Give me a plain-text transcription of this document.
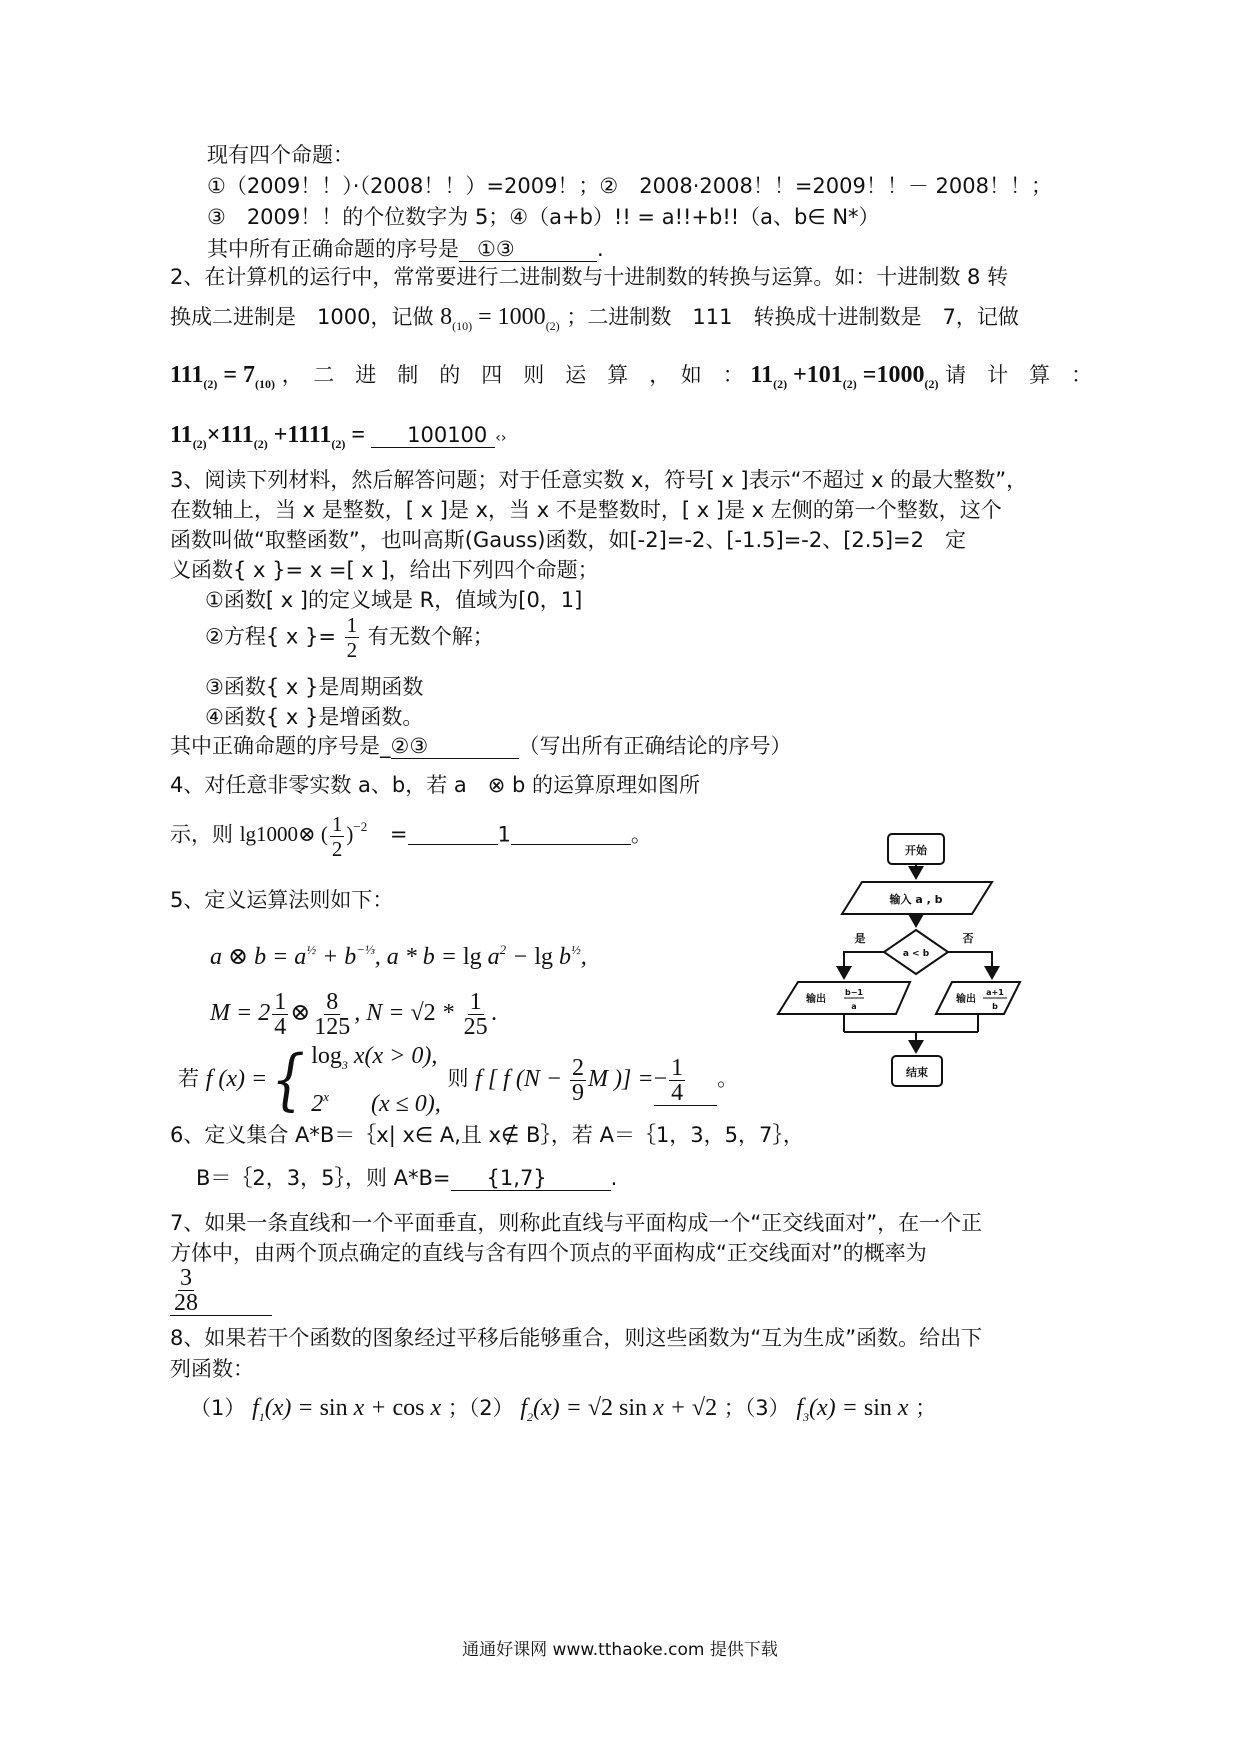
现有四个命题：
①（2009！！）·（2008！！）=2009！；②　2008·2008！！=2009！！－ 2008！！；
③　2009！！的个位数字为 5；④（a+b）!! = a!!+b!!（a、b∈ N*）
其中所有正确命题的序号是 ①③	.
2、在计算机的运行中，常常要进行二进制数与十进制数的转换与运算。如：十进制数 8 转
换成二进制是　1000，记做 $8_{(10)} = 1000_{(2)}$ ；二进制数　111　转换成十进制数是　7，记做
$111_{(2)} = 7_{(10)}$ ，　二　进　制　的　四　则　运　算　，　如　： $11_{(2)} +101_{(2)} =1000_{(2)}$ 请　计　算　：
$11_{(2)}\times 111_{(2)} +1111_{(2)} = 100100$ ‹›
3、阅读下列材料，然后解答问题；对于任意实数 x，符号[ x ]表示“不超过 x 的最大整数”，
在数轴上，当 x 是整数，[ x ]是 x，当 x 不是整数时，[ x ]是 x 左侧的第一个整数，这个
函数叫做“取整函数”，也叫高斯(Gauss)函数，如[-2]=-2、[-1.5]=-2、[2.5]=2　定
义函数{ x }= x =[ x ]，给出下列四个命题；
①函数[ x ]的定义域是 R，值域为[0，1]
②方程{ x }= $\frac{1}{2}$ 有无数个解；
③函数{ x }是周期函数
④函数{ x }是增函数。
其中正确命题的序号是_②③	（写出所有正确结论的序号）
4、对任意非零实数 a、b，若 a　⊗ b 的运算原理如图所
示，则 lg1000⊗ ( $\frac{1}{2} )^{-2}$ =	1	。
5、定义运算法则如下：
a ⊗ $b = a^{\frac{1}{2}} + b^{-\frac{1}{3}}$, $a * b = \lg a^2 - \lg b^{\frac{1}{2}}$,
$M = 2 \frac{1}{4}$ ⊗ $\frac{8}{125}$ , $N = √2 * \frac{1}{25}$ .
若 f (x) ={ $\log_3 x(x > 0)$,
2$^x$       (x ≤ 0),
则 f [ f ($N - \frac{2}{9}$ M )] =− $\frac{1}{4}$ 。
6、定义集合 A*B＝｛x| x∈ A,且 x∉ B｝，若 A＝｛1，3，5，7｝，
B＝｛2，3，5｝，则 A*B= {1,7}	.
7、如果一条直线和一个平面垂直，则称此直线与平面构成一个“正交线面对”，在一个正
方体中，由两个顶点确定的直线与含有四个顶点的平面构成“正交线面对”的概率为
$\frac{3}{28}$
8、如果若干个函数的图象经过平移后能够重合，则这些函数为“互为生成”函数。给出下
列函数：
（1） $f_1(x) = \sin x + \cos x$ ；（2） $f_2(x) = √2$ sin x + √2 ；（3） $f_3(x) = \sin x$ ；
开始
输入 a , b
a < b
是	否
输出
b−1
a
输出
a+1
b
结束
通通好课网 www.tthaoke.com 提供下载
